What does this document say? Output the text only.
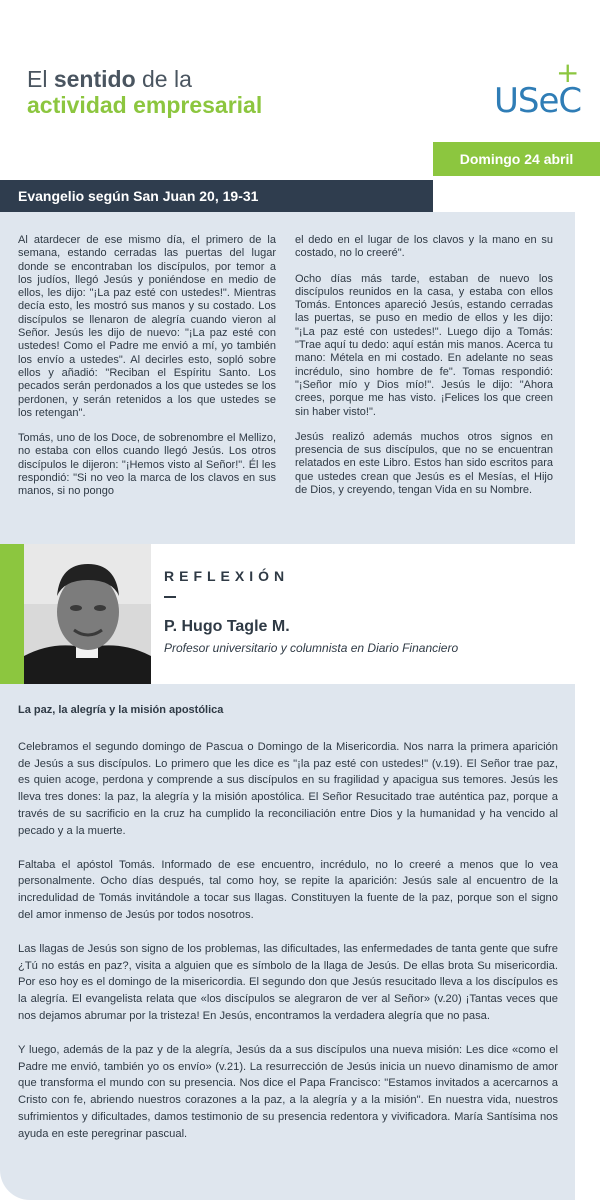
El sentido de la
actividad empresarial	USeC
+
Domingo 24 abril
Evangelio según San Juan 20, 19-31

Al atardecer de ese mismo día, el primero de la semana, estando cerradas las puertas del lugar donde se encontraban los discípulos, por temor a los judíos, llegó Jesús y poniéndose en medio de ellos, les dijo: "¡La paz esté con ustedes!". Mientras decía esto, les mostró sus manos y su costado. Los discípulos se llenaron de alegría cuando vieron al Señor. Jesús les dijo de nuevo: "¡La paz esté con ustedes! Como el Padre me envió a mí, yo también los envío a ustedes". Al decirles esto, sopló sobre ellos y añadió: "Reciban el Espíritu Santo. Los pecados serán perdonados a los que ustedes se los perdonen, y serán retenidos a los que ustedes se los retengan".

Tomás, uno de los Doce, de sobrenombre el Mellizo, no estaba con ellos cuando llegó Jesús. Los otros discípulos le dijeron: "¡Hemos visto al Señor!". Él les respondió: "Si no veo la marca de los clavos en sus manos, si no pongo

el dedo en el lugar de los clavos y la mano en su costado, no lo creeré".

Ocho días más tarde, estaban de nuevo los discípulos reunidos en la casa, y estaba con ellos Tomás. Entonces apareció Jesús, estando cerradas las puertas, se puso en medio de ellos y les dijo: "¡La paz esté con ustedes!". Luego dijo a Tomás: "Trae aquí tu dedo: aquí están mis manos. Acerca tu mano: Métela en mi costado. En adelante no seas incrédulo, sino hombre de fe". Tomas respondió: "¡Señor mío y Dios mío!". Jesús le dijo: "Ahora crees, porque me has visto. ¡Felices los que creen sin haber visto!".

Jesús realizó además muchos otros signos en presencia de sus discípulos, que no se encuentran relatados en este Libro. Estos han sido escritos para que ustedes crean que Jesús es el Mesías, el Hijo de Dios, y creyendo, tengan Vida en su Nombre.

REFLEXIÓN
P. Hugo Tagle M.
Profesor universitario y columnista en Diario Financiero
La paz, la alegría y la misión apostólica

Celebramos el segundo domingo de Pascua o Domingo de la Misericordia. Nos narra la primera aparición de Jesús a sus discípulos. Lo primero que les dice es "¡la paz esté con ustedes!" (v.19). El Señor trae paz, es quien acoge, perdona y comprende a sus discípulos en su fragilidad y apacigua sus temores. Jesús les lleva tres dones: la paz, la alegría y la misión apostólica. El Señor Resucitado trae auténtica paz, porque a través de su sacrificio en la cruz ha cumplido la reconciliación entre Dios y la humanidad y ha vencido al pecado y a la muerte.

Faltaba el apóstol Tomás. Informado de ese encuentro, incrédulo, no lo creeré a menos que lo vea personalmente. Ocho días después, tal como hoy, se repite la aparición: Jesús sale al encuentro de la incredulidad de Tomás invitándole a tocar sus llagas. Constituyen la fuente de la paz, porque son el signo del amor inmenso de Jesús por todos nosotros.

Las llagas de Jesús son signo de los problemas, las dificultades, las enfermedades de tanta gente que sufre ¿Tú no estás en paz?, visita a alguien que es símbolo de la llaga de Jesús. De ellas brota Su misericordia. Por eso hoy es el domingo de la misericordia. El segundo don que Jesús resucitado lleva a los discípulos es la alegría. El evangelista relata que «los discípulos se alegraron de ver al Señor» (v.20) ¡Tantas veces que nos dejamos abrumar por la tristeza! En Jesús, encontramos la verdadera alegría que no pasa.

Y luego, además de la paz y de la alegría, Jesús da a sus discípulos una nueva misión: Les dice «como el Padre me envió, también yo os envío» (v.21). La resurrección de Jesús inicia un nuevo dinamismo de amor que transforma el mundo con su presencia. Nos dice el Papa Francisco: "Estamos invitados a acercarnos a Cristo con fe, abriendo nuestros corazones a la paz, a la alegría y a la misión". En nuestra vida, nuestros sufrimientos y dificultades, damos testimonio de su presencia redentora y vivificadora. María Santísima nos ayuda en este peregrinar pascual.
